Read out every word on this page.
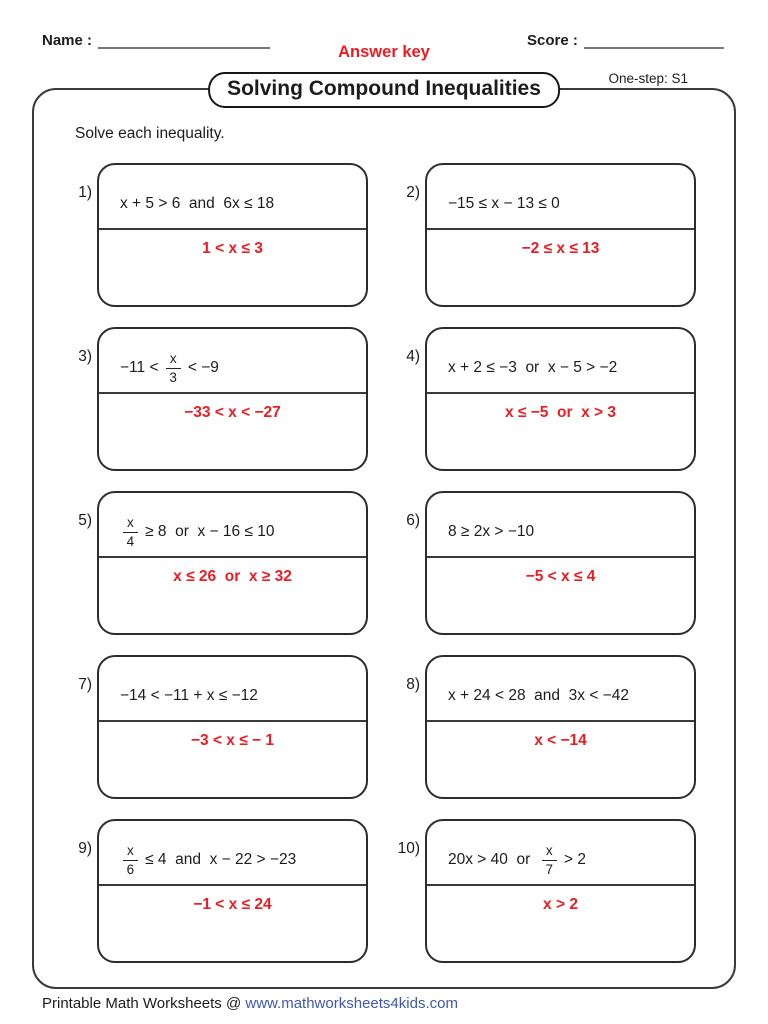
Name :
Answer key
Score :
Solving Compound Inequalities	One-step: S1
Solve each inequality.
1)
x + 5 > 6  and  6x ≤ 18
1 < x ≤ 3
2)
−15 ≤ x − 13 ≤ 0
−2 ≤ x ≤ 13
3)
$-11 < \frac{x}{3} < -9$
−33 < x < −27
4)
x + 2 ≤ −3  or  x − 5 > −2
x ≤ −5  or  x > 3
$5) \frac{x}{4} \ge 8$  or  x − 16 ≤ 10
x ≤ 26  or  x ≥ 32
6)
8 ≥ 2x > −10
−5 < x ≤ 4
7)
−14 < −11 + x ≤ −12
−3 < x ≤ − 1
8)
x + 24 < 28  and  3x < −42
x < −14
$9) \frac{x}{6} \le 4$  and  x − 22 > −23
−1 < x ≤ 24
10)
20x > 40  or $\frac{x}{7} > 2$
x > 2
Printable Math Worksheets @ www.mathworksheets4kids.com
